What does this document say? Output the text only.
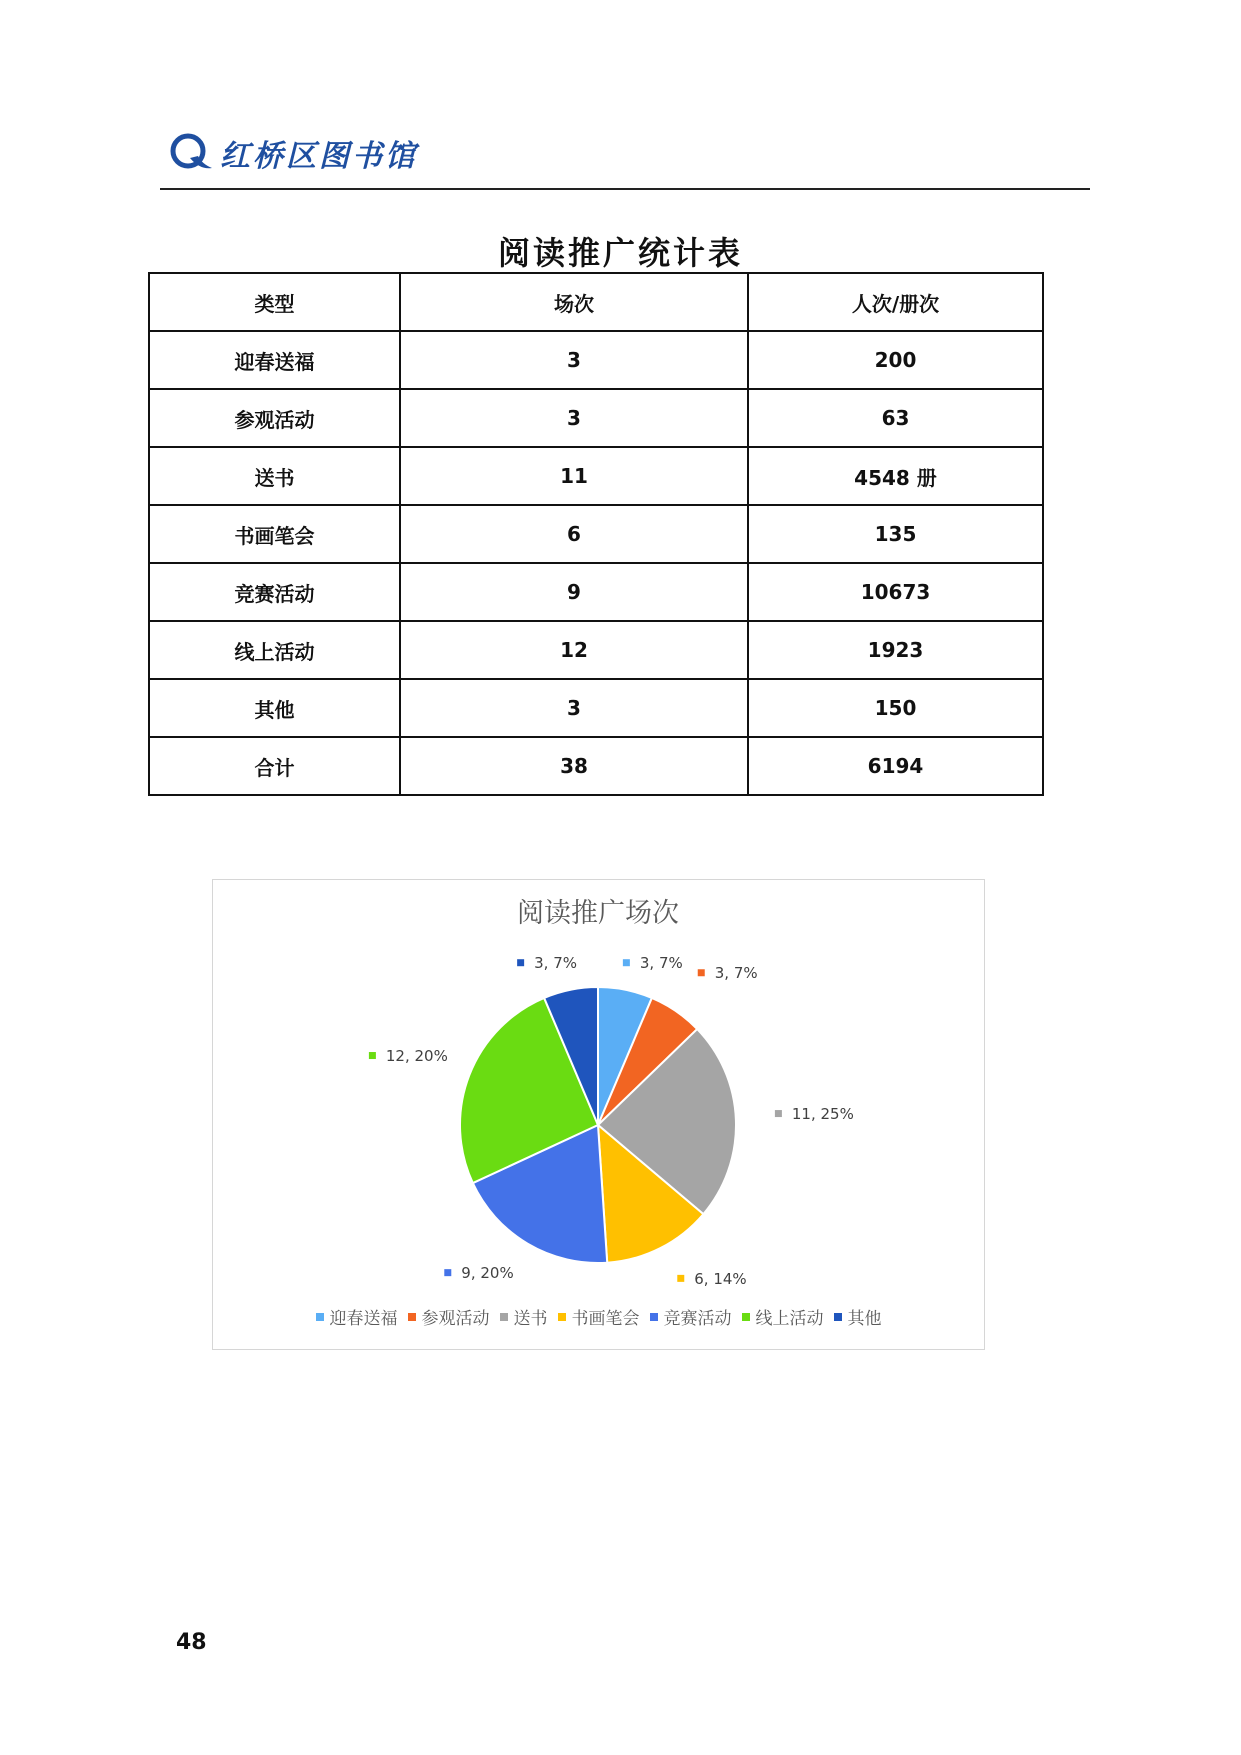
红桥区图书馆
阅读推广统计表
类型	场次	人次/册次
迎春送福	3	200
参观活动	3	63
送书	11	4548 册
书画笔会	6	135
竞赛活动	9	10673
线上活动	12	1923
其他	3	150
合计	38	6194
阅读推广场次
3, 7%
3, 7%
11, 25%
6, 14%
9, 20%
12, 20%
3, 7%
迎春送福 参观活动 送书 书画笔会 竞赛活动 线上活动 其他
48
